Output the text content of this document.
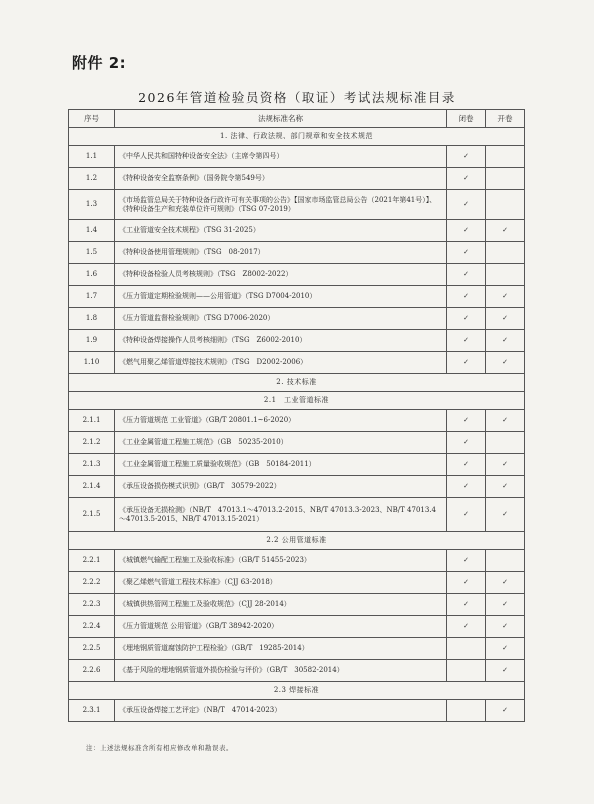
附件 2:
2026年管道检验员资格（取证）考试法规标准目录
序号	法规标准名称	闭卷	开卷
1. 法律、行政法规、部门规章和安全技术规范			
1.1	《中华人民共和国特种设备安全法》（主席令第四号）	✓	
1.2	《特种设备安全监察条例》（国务院令第549号）	✓	
1.3	《市场监管总局关于特种设备行政许可有关事项的公告》【国家市场监管总局公告（2021年第41号）】、《特种设备生产和充装单位许可规则》（TSG 07-2019）	✓	
1.4	《工业管道安全技术规程》（TSG 31-2025）	✓	✓
1.5	《特种设备使用管理规则》（TSG　08-2017）	✓	
1.6	《特种设备检验人员考核规则》（TSG　Z8002-2022）	✓	
1.7	《压力管道定期检验规则——公用管道》（TSG D7004-2010）	✓	✓
1.8	《压力管道监督检验规则》（TSG D7006-2020）	✓	✓
1.9	《特种设备焊接操作人员考核细则》（TSG　Z6002-2010）	✓	✓
1.10	《燃气用聚乙烯管道焊接技术规则》（TSG　D2002-2006）	✓	✓
2. 技术标准			
2.1　工业管道标准			
2.1.1	《压力管道规范 工业管道》（GB/T 20801.1~6-2020）	✓	✓
2.1.2	《工业金属管道工程施工规范》（GB　50235-2010）	✓	
2.1.3	《工业金属管道工程施工质量验收规范》（GB　50184-2011）	✓	✓
2.1.4	《承压设备损伤模式识别》（GB/T　30579-2022）	✓	✓
2.1.5	《承压设备无损检测》（NB/T　47013.1～47013.2-2015、NB/T 47013.3-2023、NB/T 47013.4～47013.5-2015、NB/T 47013.15-2021）	✓	✓
2.2 公用管道标准			
2.2.1	《城镇燃气输配工程施工及验收标准》（GB/T 51455-2023）	✓	
2.2.2	《聚乙烯燃气管道工程技术标准》（CJJ 63-2018）	✓	✓
2.2.3	《城镇供热管网工程施工及验收规范》（CJJ 28-2014）	✓	✓
2.2.4	《压力管道规范 公用管道》（GB/T 38942-2020）	✓	✓
2.2.5	《埋地钢质管道腐蚀防护工程检验》（GB/T　19285-2014）		✓
2.2.6	《基于风险的埋地钢质管道外损伤检验与评价》（GB/T　30582-2014）		✓
2.3 焊接标准			
2.3.1	《承压设备焊接工艺评定》（NB/T　47014-2023）		✓
注：上述法规标准含所有相应修改单和勘误表。
